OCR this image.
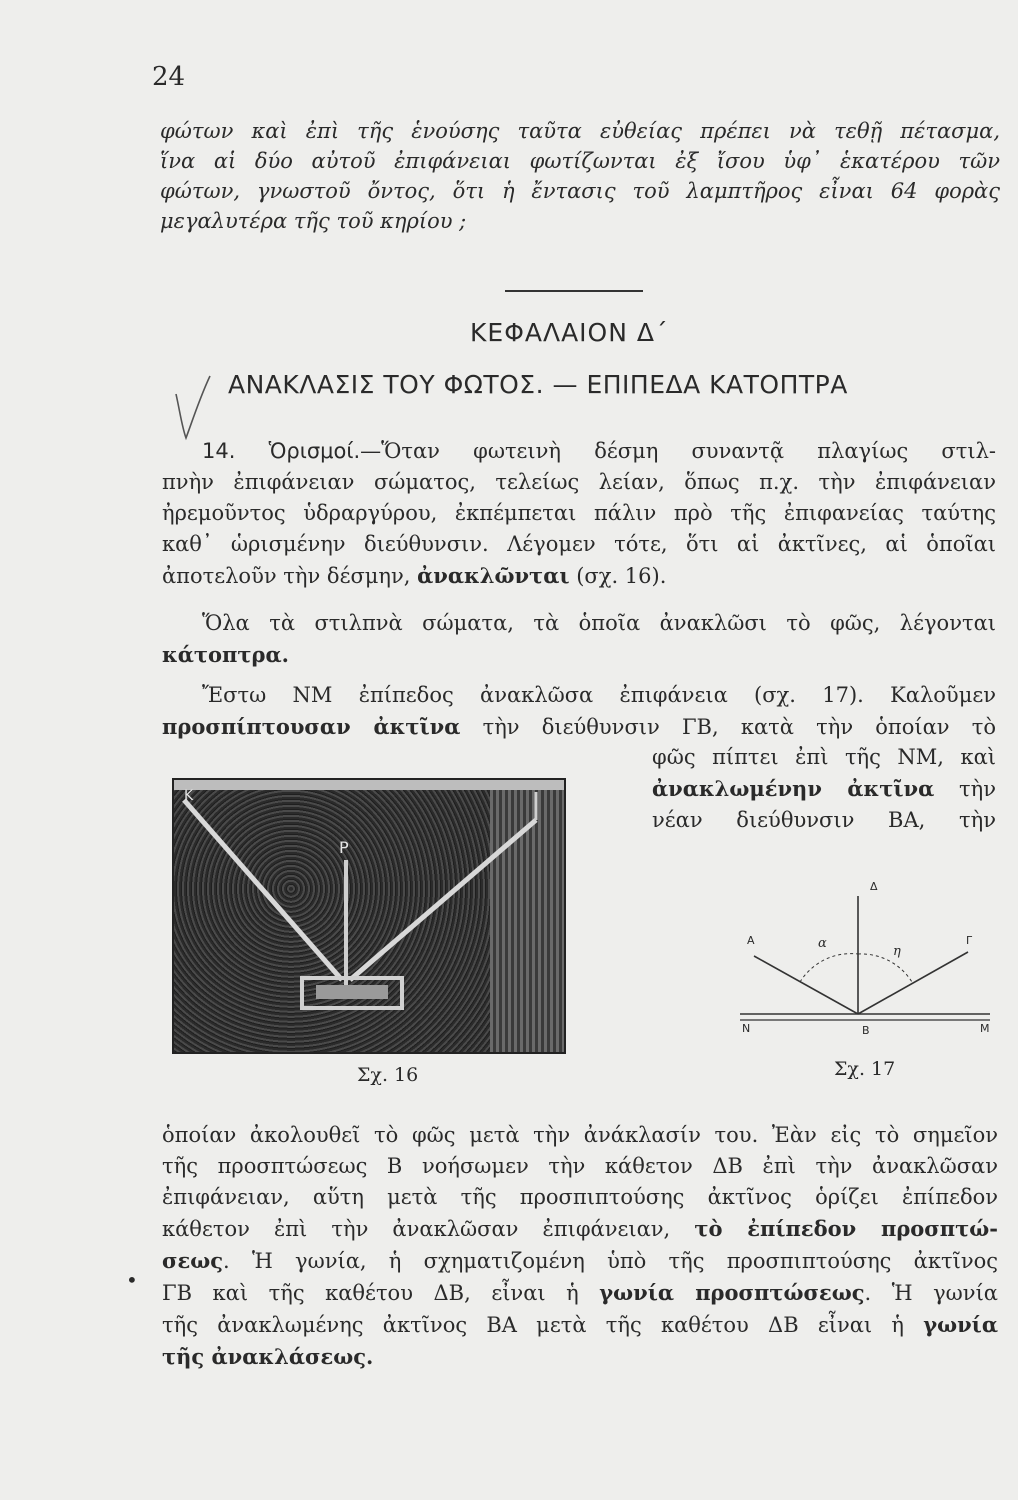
24
φώτων καὶ ἐπὶ τῆς ἑνούσης ταῦτα εὐθείας πρέπει νὰ τεθῇ πέτασμα,
ἵνα αἱ δύο αὐτοῦ ἐπιφάνειαι φωτίζωνται ἐξ ἴσου ὑφ᾽ ἑκατέρου τῶν
φώτων, γνωστοῦ ὄντος, ὅτι ἡ ἔντασις τοῦ λαμπτῆρος εἶναι 64 φορὰς
μεγαλυτέρα τῆς τοῦ κηρίου ;
ΚΕΦΑΛΑΙΟΝ Δ΄
ΑΝΑΚΛΑΣΙΣ ΤΟΥ ΦΩΤΟΣ. — ΕΠΙΠΕΔΑ ΚΑΤΟΠΤΡΑ
14. Ὁρισμοί.—Ὅταν φωτεινὴ δέσμη συναντᾷ πλαγίως στιλ-
πνὴν ἐπιφάνειαν σώματος, τελείως λείαν, ὅπως π.χ. τὴν ἐπιφάνειαν
ἠρεμοῦντος ὑδραργύρου, ἐκπέμπεται πάλιν πρὸ τῆς ἐπιφανείας ταύτης
καθ᾽ ὡρισμένην διεύθυνσιν. Λέγομεν τότε, ὅτι αἱ ἀκτῖνες, αἱ ὁποῖαι
ἀποτελοῦν τὴν δέσμην, ἀνακλῶνται (σχ. 16).
Ὅλα τὰ στιλπνὰ σώματα, τὰ ὁποῖα ἀνακλῶσι τὸ φῶς, λέγονται
κάτοπτρα.
Ἔστω ΝΜ ἐπίπεδος ἀνακλῶσα ἐπιφάνεια (σχ. 17). Καλοῦμεν
προσπίπτουσαν ἀκτῖνα τὴν διεύθυνσιν ΓΒ, κατὰ τὴν ὁποίαν τὸ
φῶς πίπτει ἐπὶ τῆς ΝΜ, καὶ
ἀνακλωμένην ἀκτῖνα τὴν
νέαν διεύθυνσιν ΒΑ, τὴν
P
K
Σχ. 16
Δ
Α	Γ
α
η
Ν	Β	Μ
Σχ. 17
ὁποίαν ἀκολουθεῖ τὸ φῶς μετὰ τὴν ἀνάκλασίν του. Ἐὰν εἰς τὸ σημεῖον
τῆς προσπτώσεως Β νοήσωμεν τὴν κάθετον ΔΒ ἐπὶ τὴν ἀνακλῶσαν
ἐπιφάνειαν, αὕτη μετὰ τῆς προσπιπτούσης ἀκτῖνος ὁρίζει ἐπίπεδον
κάθετον ἐπὶ τὴν ἀνακλῶσαν ἐπιφάνειαν, τὸ ἐπίπεδον προσπτώ-
σεως. Ἡ γωνία, ἡ σχηματιζομένη ὑπὸ τῆς προσπιπτούσης ἀκτῖνος
ΓΒ καὶ τῆς καθέτου ΔΒ, εἶναι ἡ γωνία προσπτώσεως. Ἡ γωνία
τῆς ἀνακλωμένης ἀκτῖνος ΒΑ μετὰ τῆς καθέτου ΔΒ εἶναι ἡ γωνία
τῆς ἀνακλάσεως.
•
